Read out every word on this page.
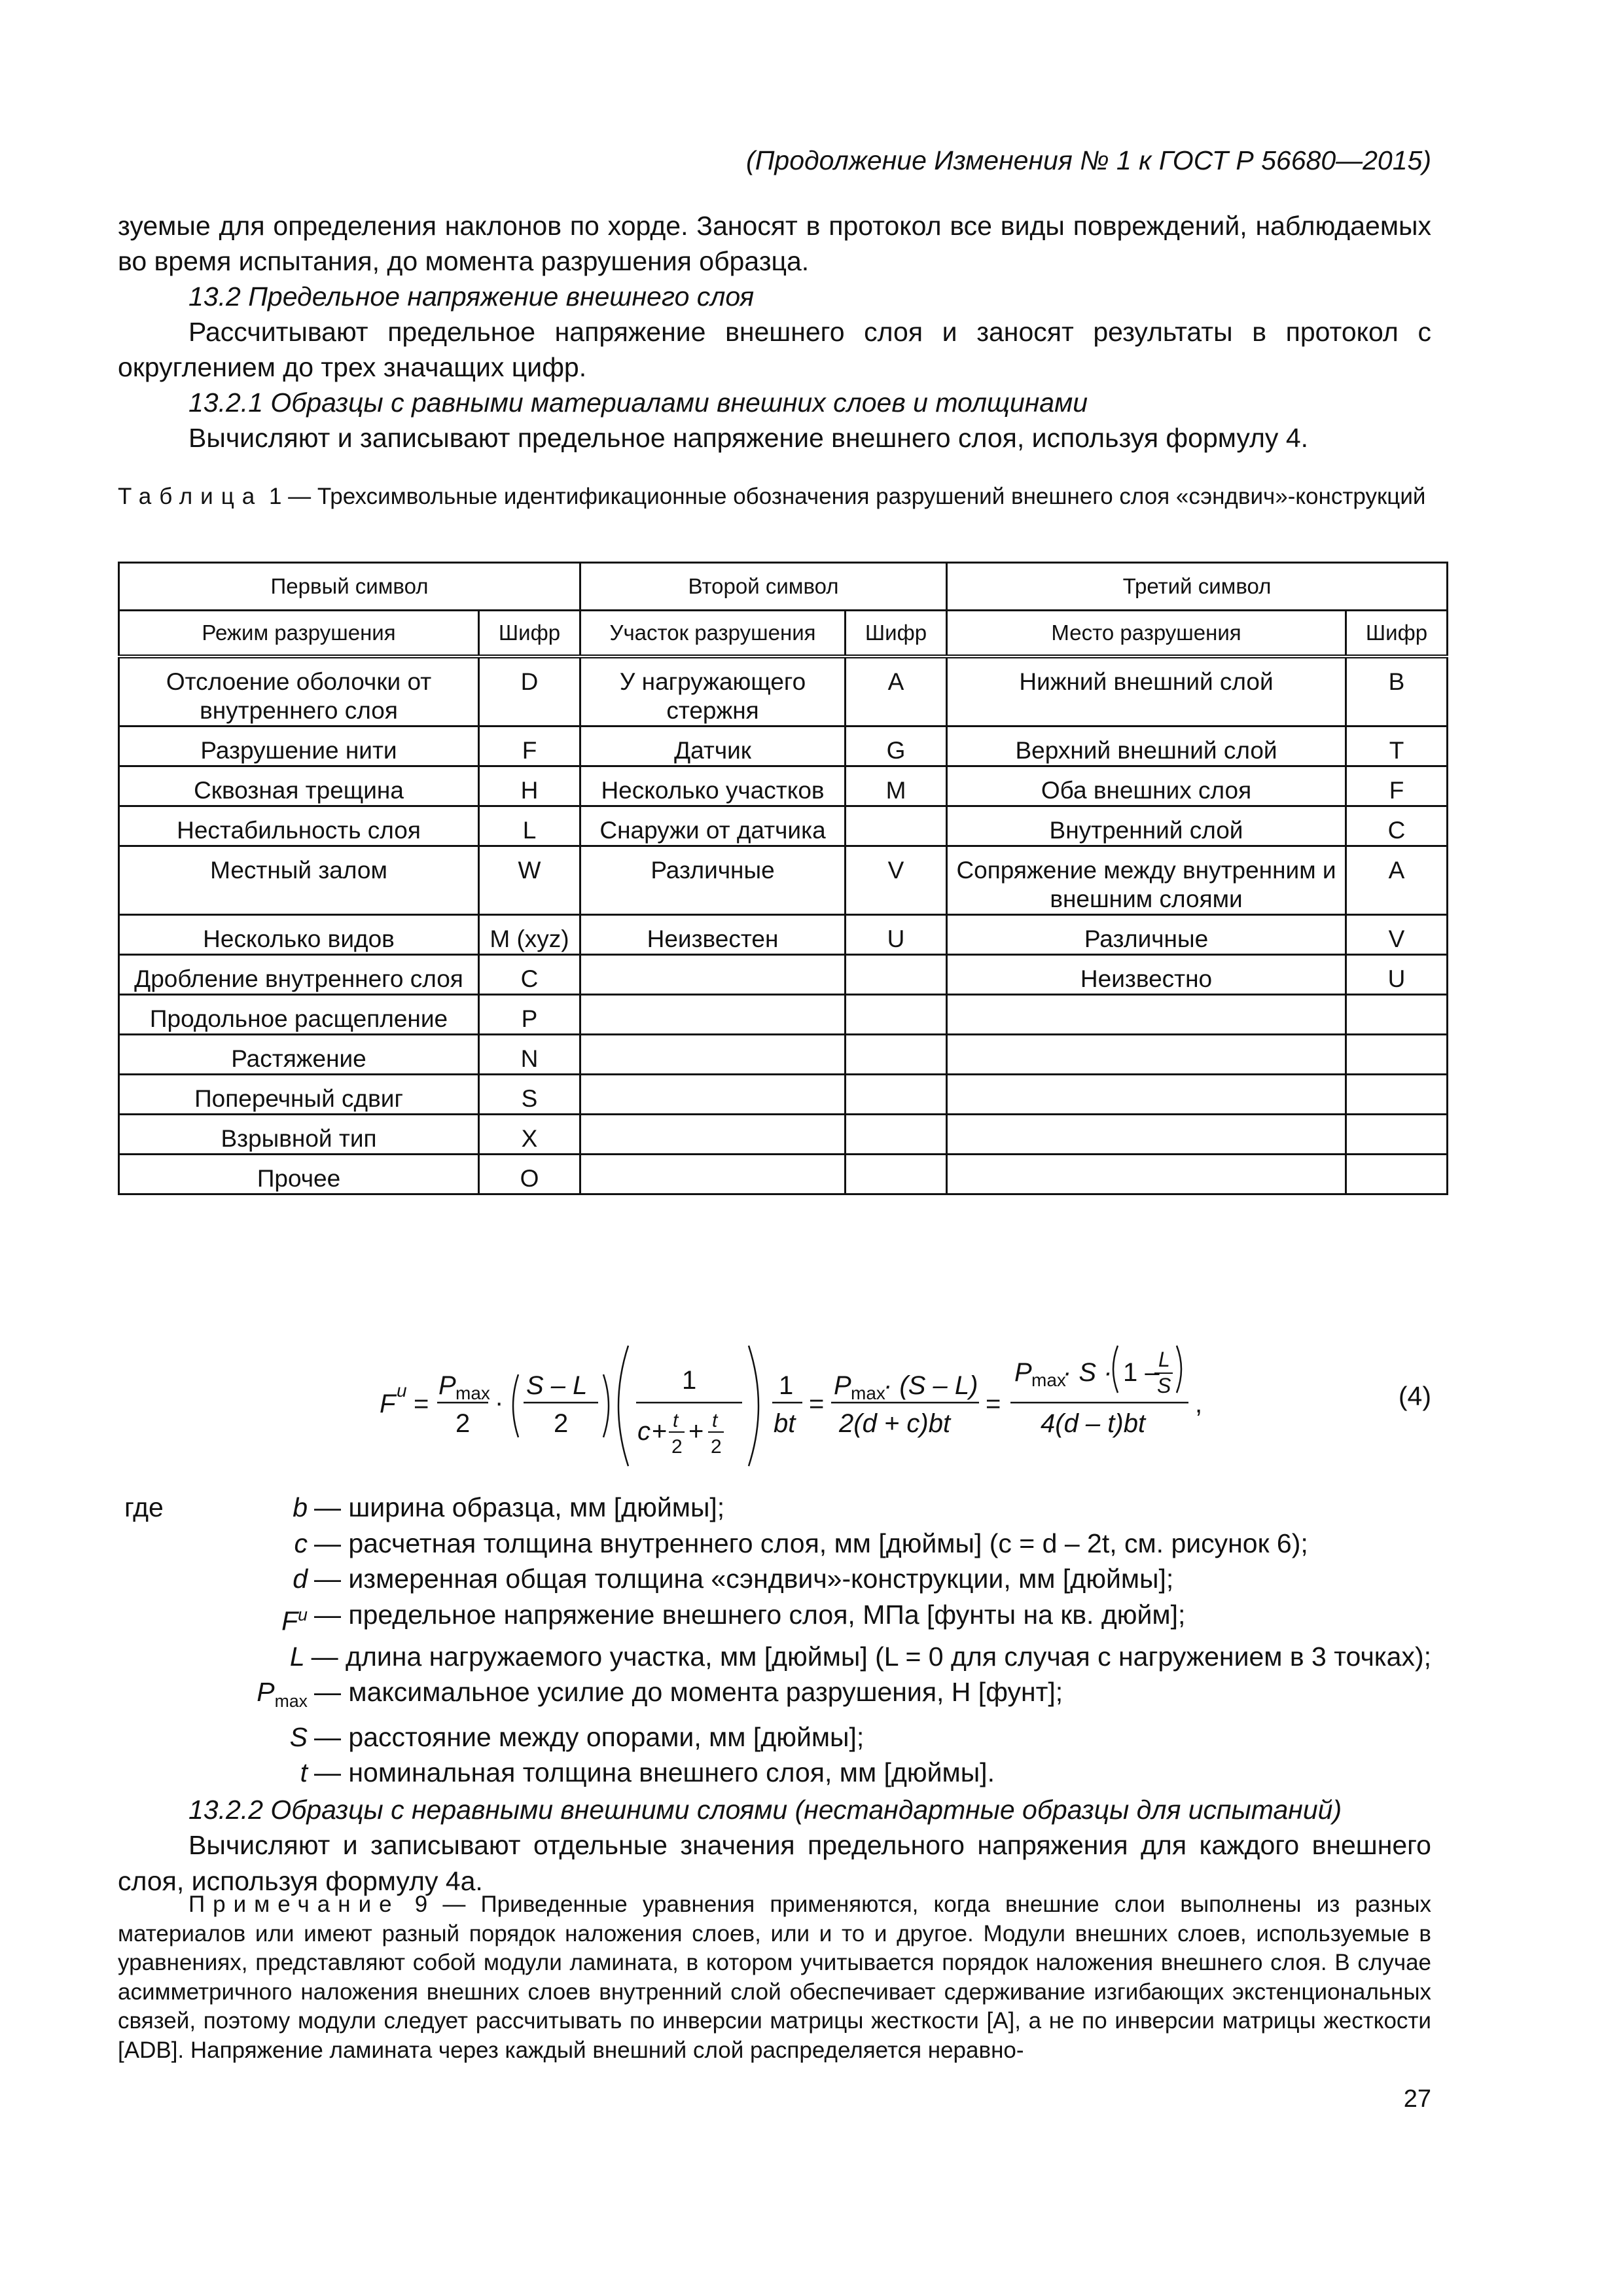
(Продолжение Изменения № 1 к ГОСТ Р 56680—2015)

зуемые для определения наклонов по хорде. Заносят в протокол все виды повреждений, наблюдаемых во время испытания, до момента разрушения образца.

13.2 Предельное напряжение внешнего слоя

Рассчитывают предельное напряжение внешнего слоя и заносят результаты в протокол с округлением до трех значащих цифр.

13.2.1 Образцы с равными материалами внешних слоев и толщинами

Вычисляют и записывают предельное напряжение внешнего слоя, используя формулу 4.

Таблица 1 — Трехсимвольные идентификационные обозначения разрушений внешнего слоя «сэндвич»-конструкций
Первый символ		Второй символ		Третий символ	
Режим разрушения	Шифр	Участок разрушения	Шифр	Место разрушения	Шифр
Отслоение оболочки от внутреннего слоя	D	У нагружающего стержня	A	Нижний внешний слой	B
Разрушение нити	F	Датчик	G	Верхний внешний слой	T
Сквозная трещина	H	Несколько участков	M	Оба внешних слоя	F
Нестабильность слоя	L	Снаружи от датчика		Внутренний слой	C
Местный залом	W	Различные	V	Сопряжение между внутренним и внешним слоями	A
Несколько видов	M (xyz)	Неизвестен	U	Различные	V
Дробление внутреннего слоя	C			Неизвестно	U
Продольное расщепление	P				
Растяжение	N				
Поперечный сдвиг	S				
Взрывной тип	X				
Прочее	O				
F u =
P max
2
·
S – L
2
1
c + t
2
+ t
2
1
bt
=
P max
· (S – L)
2(d + c)bt
=
P max
· S · 1 –
L
S
4(d – t)bt
,	(4)
где	b — ширина образца, мм [дюймы];
c — расчетная толщина внутреннего слоя, мм [дюймы] (c = d – 2t, см. рисунок 6);
d — измеренная общая толщина «сэндвич»-конструкции, мм [дюймы];
$F^u$ — предельное напряжение внешнего слоя, МПа [фунты на кв. дюйм];
L — длина нагружаемого участка, мм [дюймы] (L = 0 для случая с нагружением в 3 точках);
$P_{max}$ — максимальное усилие до момента разрушения, Н [фунт];
S — расстояние между опорами, мм [дюймы];
t — номинальная толщина внешнего слоя, мм [дюймы].

13.2.2 Образцы с неравными внешними слоями (нестандартные образцы для испытаний)

Вычисляют и записывают отдельные значения предельного напряжения для каждого внешнего слоя, используя формулу 4а.

Примечание 9 — Приведенные уравнения применяются, когда внешние слои выполнены из разных материалов или имеют разный порядок наложения слоев, или и то и другое. Модули внешних слоев, используемые в уравнениях, представляют собой модули ламината, в котором учитывается порядок наложения внешнего слоя. В случае асимметричного наложения внешних слоев внутренний слой обеспечивает сдерживание изгибающих экстенциональных связей, поэтому модули следует рассчитывать по инверсии матрицы жесткости [A], а не по инверсии матрицы жесткости [ADB]. Напряжение ламината через каждый внешний слой распределяется неравно-
27
